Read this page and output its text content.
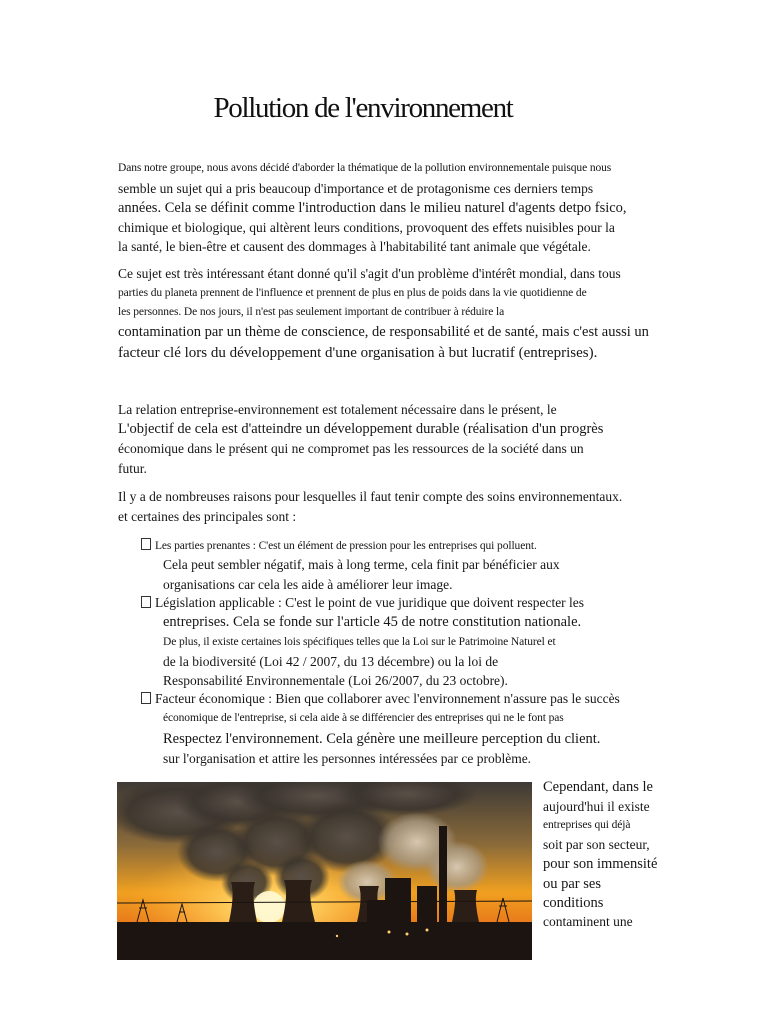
Pollution de l'environnement
Dans notre groupe, nous avons décidé d'aborder la thématique de la pollution environnementale puisque nous
semble un sujet qui a pris beaucoup d'importance et de protagonisme ces derniers temps
années. Cela se définit comme l'introduction dans le milieu naturel d'agents detpo fsico,
chimique et biologique, qui altèrent leurs conditions, provoquent des effets nuisibles pour la
la santé, le bien-être et causent des dommages à l'habitabilité tant animale que végétale.
Ce sujet est très intéressant étant donné qu'il s'agit d'un problème d'intérêt mondial, dans tous
parties du planeta prennent de l'influence et prennent de plus en plus de poids dans la vie quotidienne de
les personnes. De nos jours, il n'est pas seulement important de contribuer à réduire la
contamination par un thème de conscience, de responsabilité et de santé, mais c'est aussi un
facteur clé lors du développement d'une organisation à but lucratif (entreprises).
La relation entreprise-environnement est totalement nécessaire dans le présent, le
L'objectif de cela est d'atteindre un développement durable (réalisation d'un progrès
économique dans le présent qui ne compromet pas les ressources de la société dans un
futur.
Il y a de nombreuses raisons pour lesquelles il faut tenir compte des soins environnementaux.
et certaines des principales sont :
Les parties prenantes : C'est un élément de pression pour les entreprises qui polluent.
Cela peut sembler négatif, mais à long terme, cela finit par bénéficier aux
organisations car cela les aide à améliorer leur image.
Législation applicable : C'est le point de vue juridique que doivent respecter les
entreprises. Cela se fonde sur l'article 45 de notre constitution nationale.
De plus, il existe certaines lois spécifiques telles que la Loi sur le Patrimoine Naturel et
de la biodiversité (Loi 42 / 2007, du 13 décembre) ou la loi de
Responsabilité Environnementale (Loi 26/2007, du 23 octobre).
Facteur économique : Bien que collaborer avec l'environnement n'assure pas le succès
économique de l'entreprise, si cela aide à se différencier des entreprises qui ne le font pas
Respectez l'environnement. Cela génère une meilleure perception du client.
sur l'organisation et attire les personnes intéressées par ce problème.
Cependant, dans le
aujourd'hui il existe
entreprises qui déjà
soit par son secteur,
pour son immensité
ou par ses
conditions
contaminent une
